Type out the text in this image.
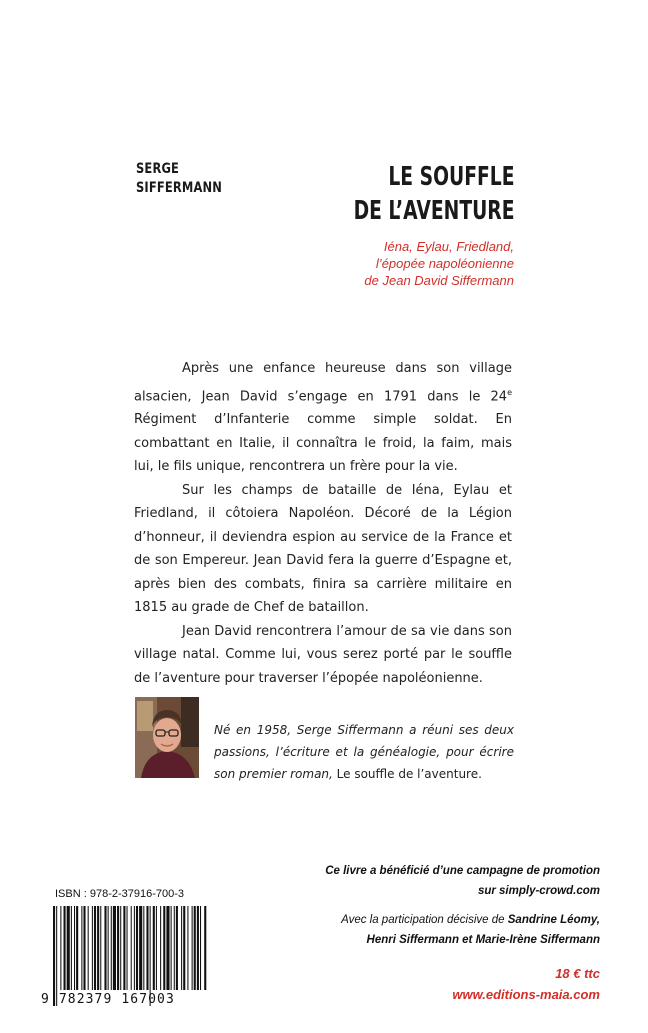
SERGE
SIFFERMANN	LE SOUFFLE
DE L’AVENTURE
Iéna, Eylau, Friedland,
l’épopée napoléonienne
de Jean David Siffermann

Après une enfance heureuse dans son village alsacien, Jean David s’engage en 1791 dans le 24e Régiment d’Infanterie comme simple soldat. En combattant en Italie, il connaîtra le froid, la faim, mais lui, le fils unique, rencontrera un frère pour la vie.

Sur les champs de bataille de Iéna, Eylau et Friedland, il côtoiera Napoléon. Décoré de la Légion d’honneur, il deviendra espion au service de la France et de son Empereur. Jean David fera la guerre d’Espagne et, après bien des combats, finira sa carrière militaire en 1815 au grade de Chef de bataillon.

Jean David rencontrera l’amour de sa vie dans son village natal. Comme lui, vous serez porté par le souffle de l’aventure pour traverser l’épopée napoléonienne.

Né en 1958, Serge Siffermann a réuni ses deux passions, l’écriture et la généalogie, pour écrire son premier roman, Le souffle de l’aventure.
Ce livre a bénéficié d’une campagne de promotion
sur simply-crowd.com
Avec la participation décisive de Sandrine Léomy,
Henri Siffermann et Marie-Irène Siffermann
18 € ttc
www.editions-maia.com
ISBN : 978-2-37916-700-3
9 782379 167003
